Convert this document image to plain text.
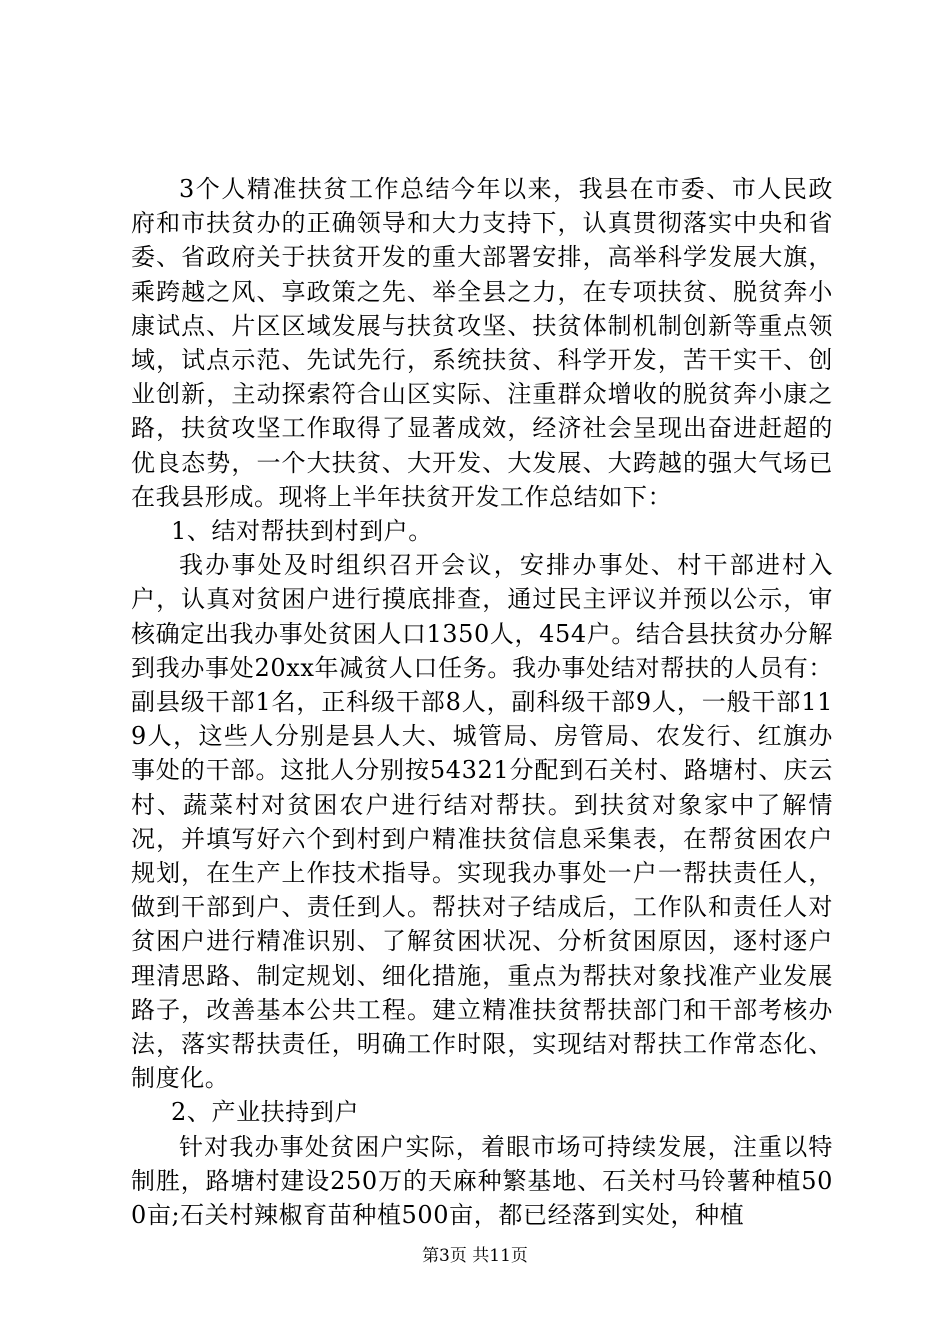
3个人精准扶贫工作总结今年以来，我县在市委、市人民政府和市扶贫办的正确领导和大力支持下，认真贯彻落实中央和省委、省政府关于扶贫开发的重大部署安排，高举科学发展大旗，乘跨越之风、享政策之先、举全县之力，在专项扶贫、脱贫奔小康试点、片区区域发展与扶贫攻坚、扶贫体制机制创新等重点领域，试点示范、先试先行，系统扶贫、科学开发，苦干实干、创业创新，主动探索符合山区实际、注重群众增收的脱贫奔小康之路，扶贫攻坚工作取得了显著成效，经济社会呈现出奋进赶超的优良态势，一个大扶贫、大开发、大发展、大跨越的强大气场已在我县形成。现将上半年扶贫开发工作总结如下：

1、结对帮扶到村到户。

我办事处及时组织召开会议，安排办事处、村干部进村入户，认真对贫困户进行摸底排查，通过民主评议并预以公示，审核确定出我办事处贫困人口1350人，454户。结合县扶贫办分解到我办事处20xx年减贫人口任务。我办事处结对帮扶的人员有：副县级干部1名，正科级干部8人，副科级干部9人，一般干部119人，这些人分别是县人大、城管局、房管局、农发行、红旗办事处的干部。这批人分别按54321分配到石关村、路塘村、庆云村、蔬菜村对贫困农户进行结对帮扶。到扶贫对象家中了解情况，并填写好六个到村到户精准扶贫信息采集表，在帮贫困农户规划，在生产上作技术指导。实现我办事处一户一帮扶责任人，做到干部到户、责任到人。帮扶对子结成后，工作队和责任人对贫困户进行精准识别、了解贫困状况、分析贫困原因，逐村逐户理清思路、制定规划、细化措施，重点为帮扶对象找准产业发展路子，改善基本公共工程。建立精准扶贫帮扶部门和干部考核办法，落实帮扶责任，明确工作时限，实现结对帮扶工作常态化、制度化。

2、产业扶持到户

针对我办事处贫困户实际，着眼市场可持续发展，注重以特制胜，路塘村建设250万的天麻种繁基地、石关村马铃薯种植500亩;石关村辣椒育苗种植500亩，都已经落到实处，种植

第3页 共11页
